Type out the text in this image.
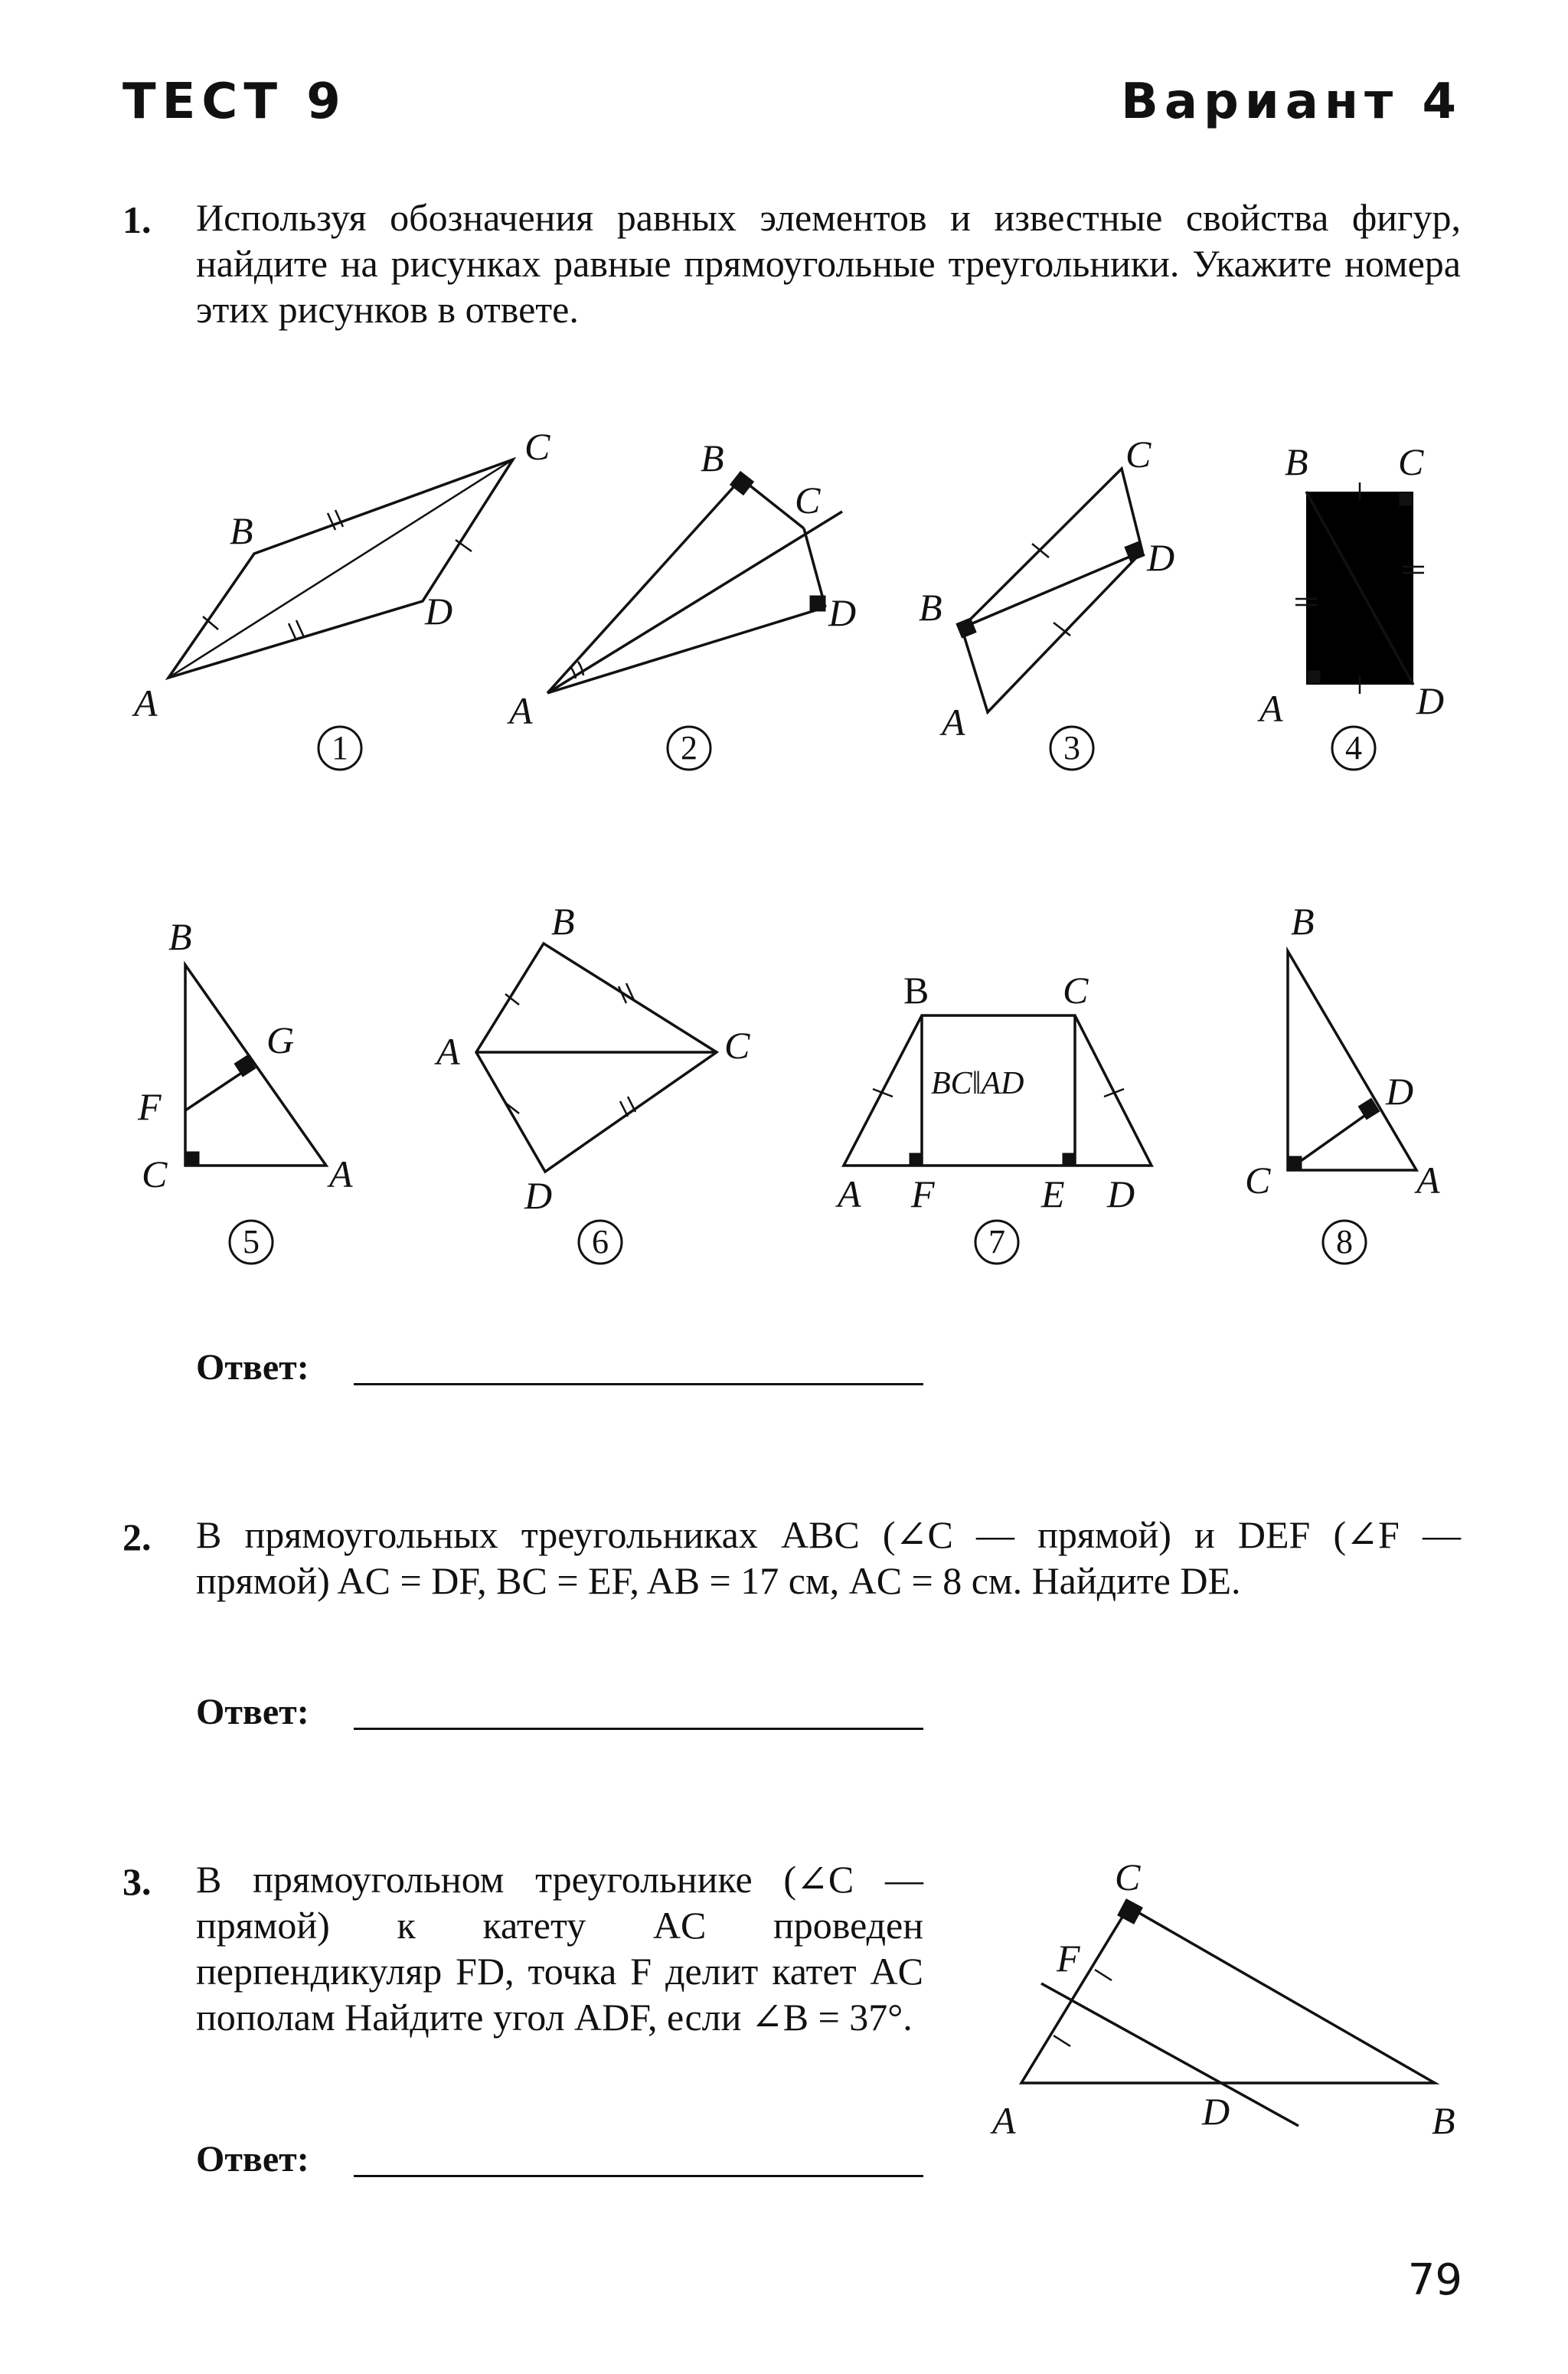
ТЕСТ 9	Вариант 4
1. Используя обозначения равных элементов и известные свойства фигур, найдите на рисунках равные прямоугольные треугольники. Укажите номера этих рисунков в ответе.
A
B
C
D
1
A
B
C
D
2
B
C
D
A
3
B C
A	D
4
B
G
F
C	A
5
B
A	C
D
6
B	C
A F	E D
BC‖AD
7
B
D
C	A
8
Ответ:
2. В прямоугольных треугольниках ABC (∠C — прямой) и DEF (∠F — прямой) AC = DF, BC = EF, AB = 17 см, AC = 8 см. Найдите DE.
Ответ:
3. В прямоугольном треугольнике (∠C — прямой) к катету AC проведен перпендикуляр FD, точка F делит катет AC пополам Найдите угол ADF, если ∠B = 37°.
C
F
A	D	B
Ответ:
79
